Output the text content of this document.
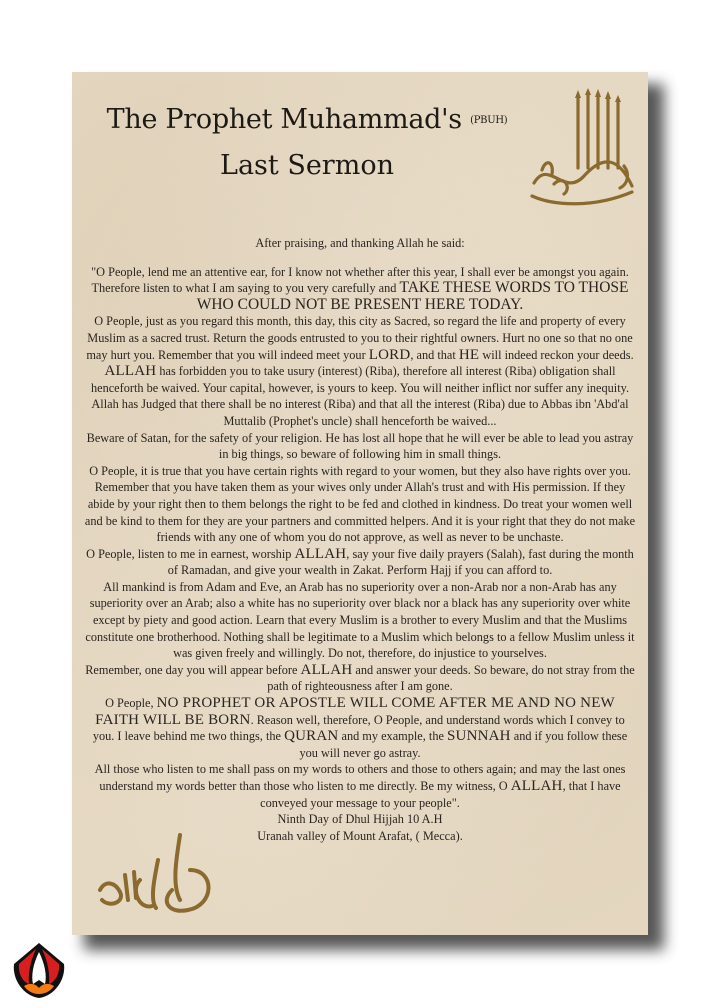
The Prophet Muhammad's (PBUH)
Last Sermon

After praising, and thanking Allah he said:

"O People, lend me an attentive ear, for I know not whether after this year, I shall ever be amongst you again. Therefore listen to what I am saying to you very carefully and TAKE THESE WORDS TO THOSE WHO COULD NOT BE PRESENT HERE TODAY.

O People, just as you regard this month, this day, this city as Sacred, so regard the life and property of every Muslim as a sacred trust. Return the goods entrusted to you to their rightful owners. Hurt no one so that no one may hurt you. Remember that you will indeed meet your LORD, and that HE will indeed reckon your deeds. ALLAH has forbidden you to take usury (interest) (Riba), therefore all interest (Riba) obligation shall henceforth be waived. Your capital, however, is yours to keep. You will neither inflict nor suffer any inequity. Allah has Judged that there shall be no interest (Riba) and that all the interest (Riba) due to Abbas ibn 'Abd'al Muttalib (Prophet's uncle) shall henceforth be waived...

Beware of Satan, for the safety of your religion. He has lost all hope that he will ever be able to lead you astray in big things, so beware of following him in small things.

O People, it is true that you have certain rights with regard to your women, but they also have rights over you. Remember that you have taken them as your wives only under Allah's trust and with His permission. If they abide by your right then to them belongs the right to be fed and clothed in kindness. Do treat your women well and be kind to them for they are your partners and committed helpers. And it is your right that they do not make friends with any one of whom you do not approve, as well as never to be unchaste.

O People, listen to me in earnest, worship ALLAH, say your five daily prayers (Salah), fast during the month of Ramadan, and give your wealth in Zakat. Perform Hajj if you can afford to.

All mankind is from Adam and Eve, an Arab has no superiority over a non-Arab nor a non-Arab has any superiority over an Arab; also a white has no superiority over black nor a black has any superiority over white except by piety and good action. Learn that every Muslim is a brother to every Muslim and that the Muslims constitute one brotherhood. Nothing shall be legitimate to a Muslim which belongs to a fellow Muslim unless it was given freely and willingly. Do not, therefore, do injustice to yourselves.

Remember, one day you will appear before ALLAH and answer your deeds. So beware, do not stray from the path of righteousness after I am gone.

O People, NO PROPHET OR APOSTLE WILL COME AFTER ME AND NO NEW FAITH WILL BE BORN. Reason well, therefore, O People, and understand words which I convey to you. I leave behind me two things, the QURAN and my example, the SUNNAH and if you follow these you will never go astray.

All those who listen to me shall pass on my words to others and those to others again; and may the last ones understand my words better than those who listen to me directly. Be my witness, O ALLAH, that I have conveyed your message to your people".

Ninth Day of Dhul Hijjah 10 A.H

Uranah valley of Mount Arafat, ( Mecca).
